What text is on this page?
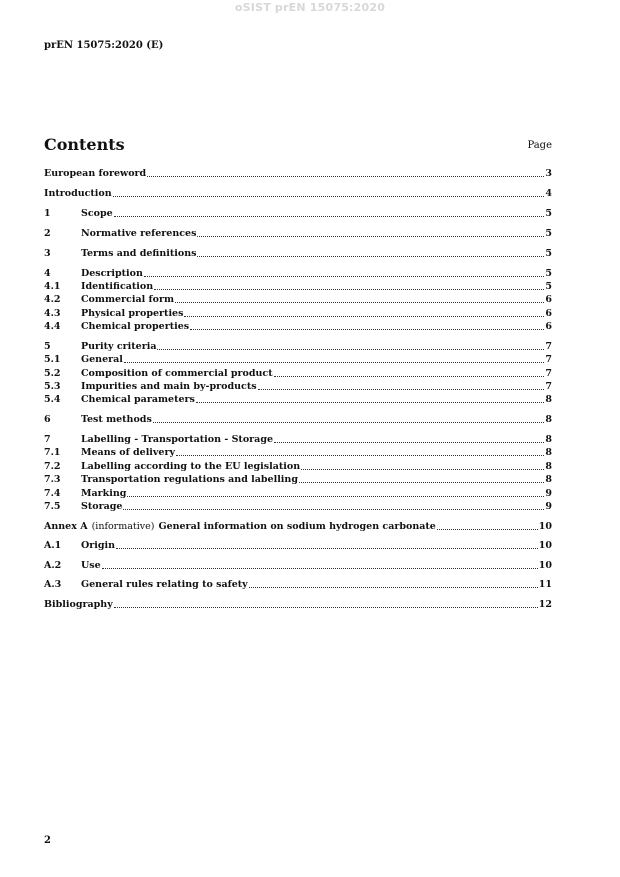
oSIST prEN 15075:2020
prEN 15075:2020 (E)
Contents	Page
European foreword	3
Introduction	4
1	Scope	5
2	Normative references	5
3	Terms and definitions	5
4	Description	5
4.1	Identification	5
4.2	Commercial form	6
4.3	Physical properties	6
4.4	Chemical properties	6
5	Purity criteria	7
5.1	General	7
5.2	Composition of commercial product	7
5.3	Impurities and main by-products	7
5.4	Chemical parameters	8
6	Test methods	8
7	Labelling - Transportation - Storage	8
7.1	Means of delivery	8
7.2	Labelling according to the EU legislation	8
7.3	Transportation regulations and labelling	8
7.4	Marking	9
7.5	Storage	9
Annex A (informative) General information on sodium hydrogen carbonate	10
A.1	Origin	10
A.2	Use	10
A.3	General rules relating to safety	11
Bibliography	12
2
